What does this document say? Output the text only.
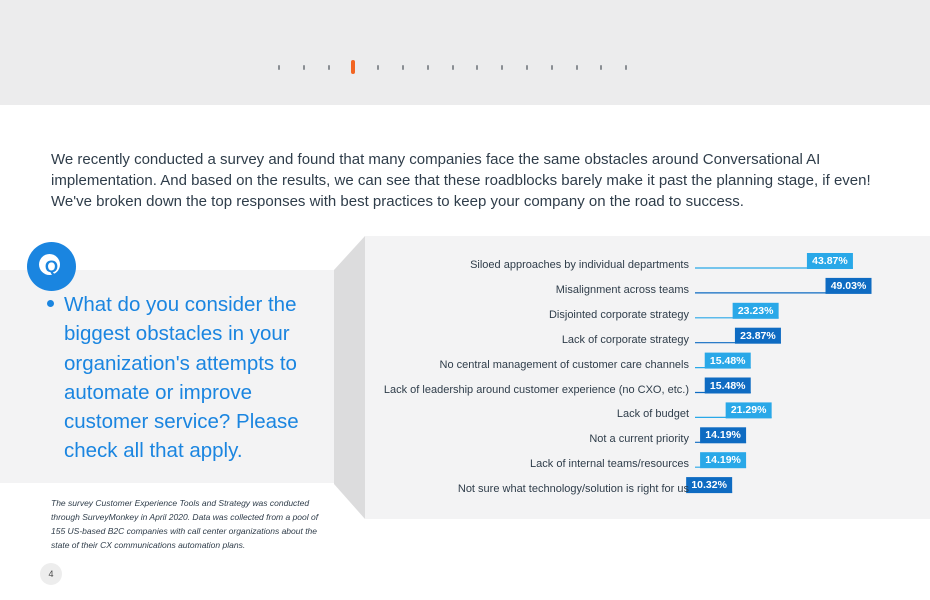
We recently conducted a survey and found that many companies face the same obstacles around Conversational AI implementation. And based on the results, we can see that these roadblocks barely make it past the planning stage, if even! We've broken down the top responses with best practices to keep your company on the road to success.

Q

What do you consider the biggest obstacles in your organization's attempts to automate or improve customer service? Please check all that apply.

The survey Customer Experience Tools and Strategy was conducted through SurveyMonkey in April 2020. Data was collected from a pool of 155 US-based B2C companies with call center organizations about the state of their CX communications automation plans.

4
Siloed approaches by individual departments	43.87%
Misalignment across teams	49.03%
Disjointed corporate strategy	23.23%
Lack of corporate strategy	23.87%
No central management of customer care channels	15.48%
Lack of leadership around customer experience (no CXO, etc.)	15.48%
Lack of budget	21.29%
Not a current priority	14.19%
Lack of internal teams/resources	14.19%
Not sure what technology/solution is right for us 10.32%
